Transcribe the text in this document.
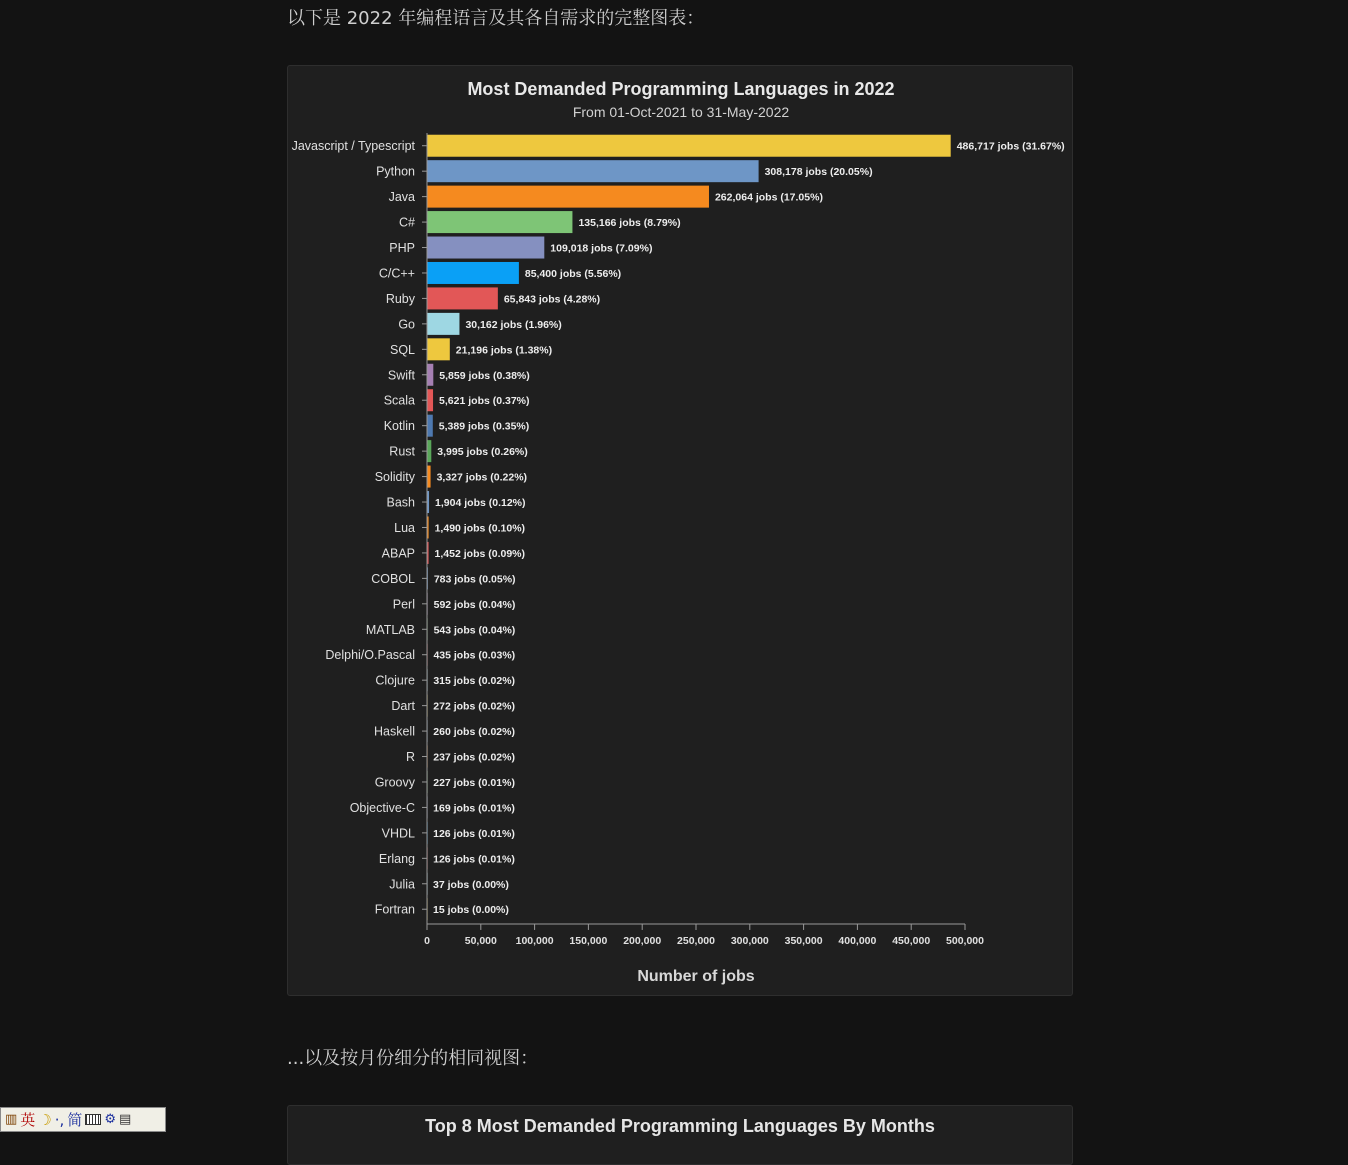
以下是 2022 年编程语言及其各自需求的完整图表：
Most Demanded Programming Languages in 2022
From 01-Oct-2021 to 31-May-2022
Javascript / Typescript	486,717 jobs (31.67%)
Python	308,178 jobs (20.05%)
Java	262,064 jobs (17.05%)
C#	135,166 jobs (8.79%)
PHP	109,018 jobs (7.09%)
C/C++	85,400 jobs (5.56%)
Ruby	65,843 jobs (4.28%)
Go	30,162 jobs (1.96%)
SQL	21,196 jobs (1.38%)
Swift 5,859 jobs (0.38%)
Scala 5,621 jobs (0.37%)
Kotlin 5,389 jobs (0.35%)
Rust 3,995 jobs (0.26%)
Solidity 3,327 jobs (0.22%)
Bash 1,904 jobs (0.12%)
Lua 1,490 jobs (0.10%)
ABAP 1,452 jobs (0.09%)
COBOL 783 jobs (0.05%)
Perl 592 jobs (0.04%)
MATLAB 543 jobs (0.04%)
Delphi/O.Pascal 435 jobs (0.03%)
Clojure 315 jobs (0.02%)
Dart 272 jobs (0.02%)
Haskell 260 jobs (0.02%)
R 237 jobs (0.02%)
Groovy 227 jobs (0.01%)
Objective-C 169 jobs (0.01%)
VHDL 126 jobs (0.01%)
Erlang 126 jobs (0.01%)
Julia 37 jobs (0.00%)
Fortran 15 jobs (0.00%)
0	50,000 100,000 150,000 200,000 250,000 300,000 350,000 400,000 450,000 500,000
Number of jobs
...以及按月份细分的相同视图：
Top 8 Most Demanded Programming Languages By Months
▥ 英 ☽ ·, 简 ⚙ ▤
